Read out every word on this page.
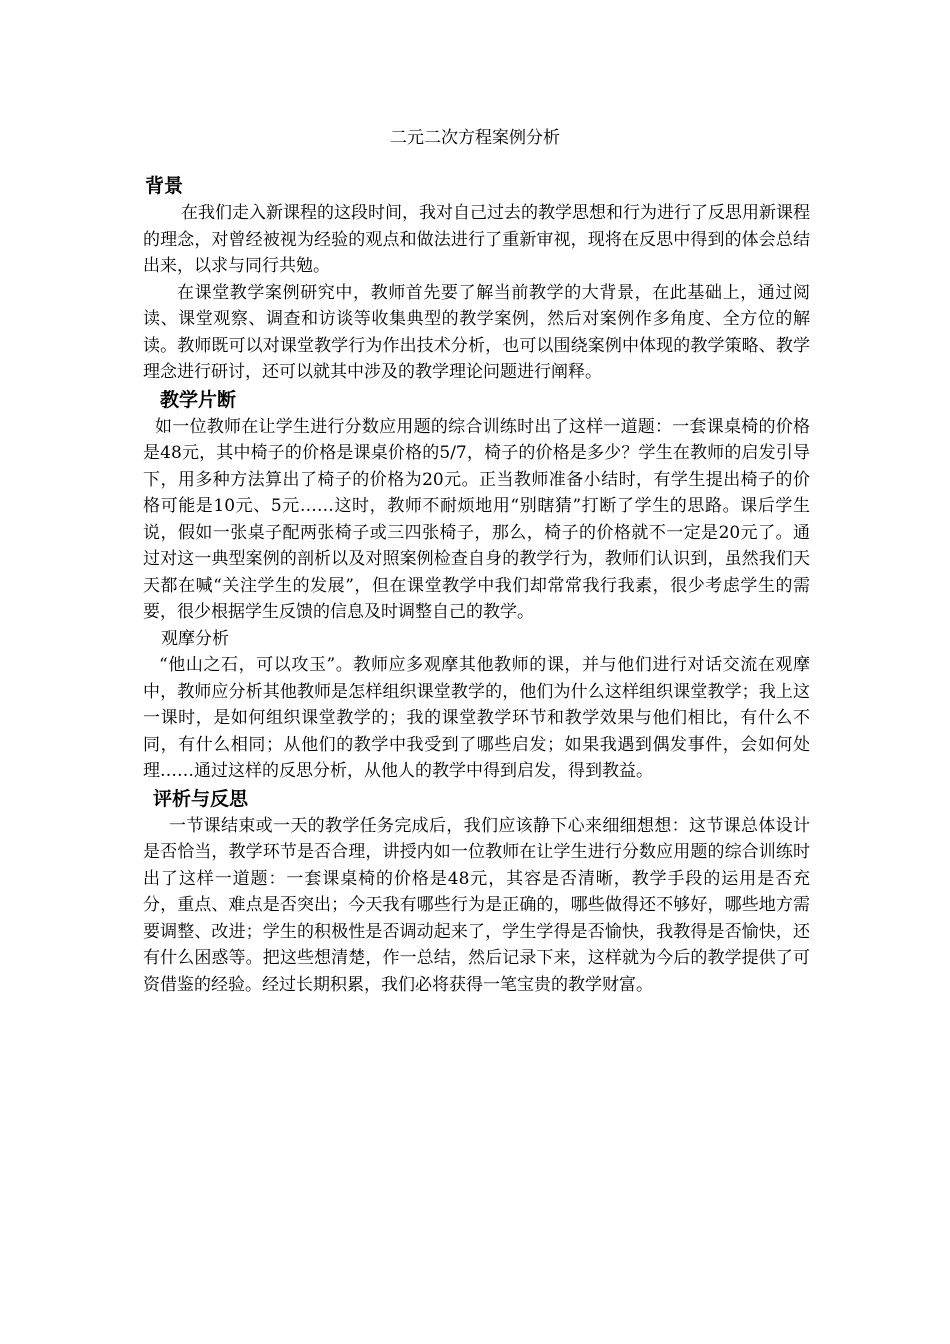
二元二次方程案例分析
背景

在我们走入新课程的这段时间，我对自己过去的教学思想和行为进行了反思用新课程的理念，对曾经被视为经验的观点和做法进行了重新审视，现将在反思中得到的体会总结出来，以求与同行共勉。

在课堂教学案例研究中，教师首先要了解当前教学的大背景，在此基础上，通过阅读、课堂观察、调查和访谈等收集典型的教学案例，然后对案例作多角度、全方位的解读。教师既可以对课堂教学行为作出技术分析，也可以围绕案例中体现的教学策略、教学理念进行研讨，还可以就其中涉及的教学理论问题进行阐释。

教学片断

如一位教师在让学生进行分数应用题的综合训练时出了这样一道题：一套课桌椅的价格是48元，其中椅子的价格是课桌价格的5/7，椅子的价格是多少？学生在教师的启发引导下，用多种方法算出了椅子的价格为20元。正当教师准备小结时，有学生提出椅子的价格可能是10元、5元……这时，教师不耐烦地用“别瞎猜”打断了学生的思路。课后学生说，假如一张桌子配两张椅子或三四张椅子，那么，椅子的价格就不一定是20元了。通过对这一典型案例的剖析以及对照案例检查自身的教学行为，教师们认识到，虽然我们天天都在喊“关注学生的发展”，但在课堂教学中我们却常常我行我素，很少考虑学生的需要，很少根据学生反馈的信息及时调整自己的教学。

观摩分析

“他山之石，可以攻玉”。教师应多观摩其他教师的课，并与他们进行对话交流在观摩中，教师应分析其他教师是怎样组织课堂教学的，他们为什么这样组织课堂教学；我上这一课时，是如何组织课堂教学的；我的课堂教学环节和教学效果与他们相比，有什么不同，有什么相同；从他们的教学中我受到了哪些启发；如果我遇到偶发事件，会如何处理……通过这样的反思分析，从他人的教学中得到启发，得到教益。

评析与反思

一节课结束或一天的教学任务完成后，我们应该静下心来细细想想：这节课总体设计是否恰当，教学环节是否合理，讲授内如一位教师在让学生进行分数应用题的综合训练时出了这样一道题：一套课桌椅的价格是48元，其容是否清晰，教学手段的运用是否充分，重点、难点是否突出；今天我有哪些行为是正确的，哪些做得还不够好，哪些地方需要调整、改进；学生的积极性是否调动起来了，学生学得是否愉快，我教得是否愉快，还有什么困惑等。把这些想清楚，作一总结，然后记录下来，这样就为今后的教学提供了可资借鉴的经验。经过长期积累，我们必将获得一笔宝贵的教学财富。
